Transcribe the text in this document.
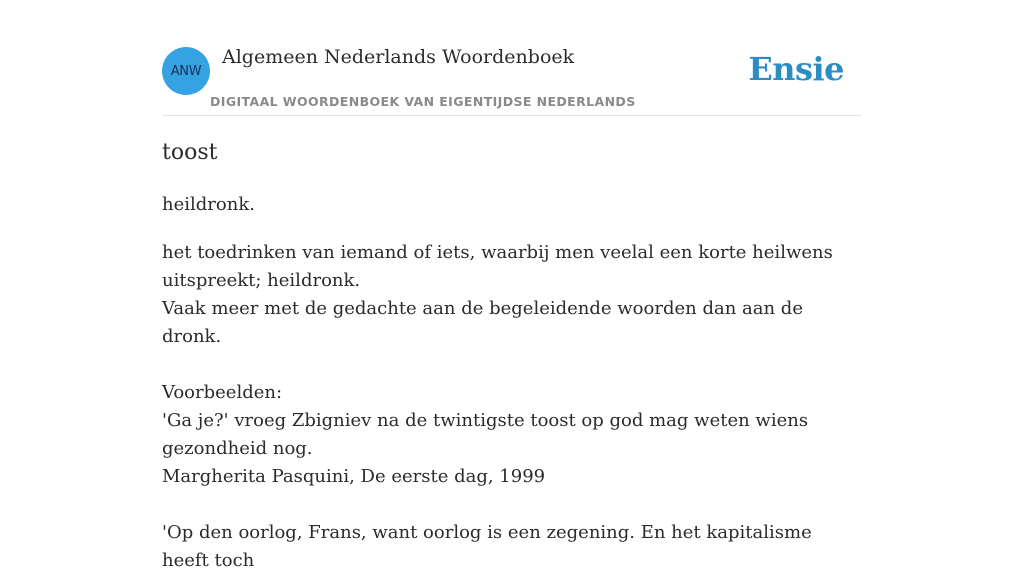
ANW
Algemeen Nederlands Woordenboek
DIGITAAL WOORDENBOEK VAN EIGENTIJDSE NEDERLANDS
Ensie
toost
heildronk.

het toedrinken van iemand of iets, waarbij men veelal een korte heilwens uitspreekt; heildronk.

Vaak meer met de gedachte aan de begeleidende woorden dan aan de dronk.

Voorbeelden:

'Ga je?' vroeg Zbigniev na de twintigste toost op god mag weten wiens gezondheid nog.

Margherita Pasquini, De eerste dag, 1999

'Op den oorlog, Frans, want oorlog is een zegening. En het kapitalisme heeft toch
